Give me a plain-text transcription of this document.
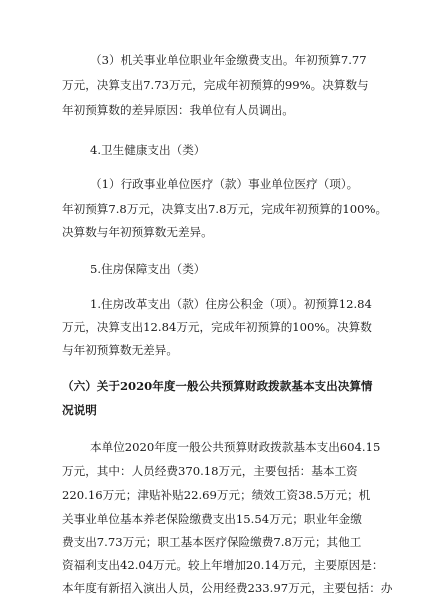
（3）机关事业单位职业年金缴费支出。年初预算7.77
万元，决算支出7.73万元，完成年初预算的99%。决算数与
年初预算数的差异原因：我单位有人员调出。
4.卫生健康支出（类）
（1）行政事业单位医疗（款）事业单位医疗（项）。
年初预算7.8万元，决算支出7.8万元，完成年初预算的100%。
决算数与年初预算数无差异。
5.住房保障支出（类）
1.住房改革支出（款）住房公积金（项）。初预算12.84
万元，决算支出12.84万元，完成年初预算的100%。决算数
与年初预算数无差异。
（六）关于2020年度一般公共预算财政拨款基本支出决算情
况说明
本单位2020年度一般公共预算财政拨款基本支出604.15
万元，其中：人员经费370.18万元，主要包括：基本工资
220.16万元；津贴补贴22.69万元；绩效工资38.5万元；机
关事业单位基本养老保险缴费支出15.54万元；职业年金缴
费支出7.73万元；职工基本医疗保险缴费7.8万元；其他工
资福利支出42.04万元。较上年增加20.14万元，主要原因是：
本年度有新招入演出人员，公用经费233.97万元，主要包括：办
